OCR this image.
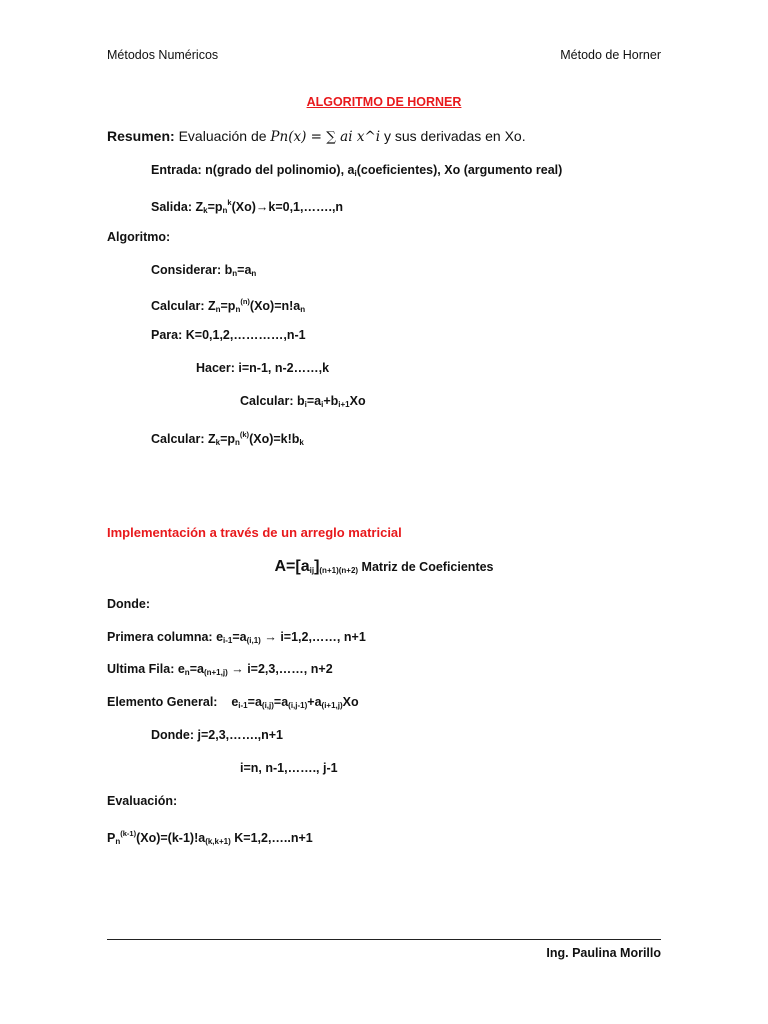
Métodos Numéricos	Método de Horner
ALGORITMO DE HORNER
Resumen: Evaluación de Pn(x) = ∑ ai x^i y sus derivadas en Xo.
Entrada: n(grado del polinomio), ai(coeficientes), Xo (argumento real)
Salida: $Zk=pn^k(Xo)\to k=0,1,\dots\dots.,n$
Algoritmo:
Considerar: bn=an
Calcular: $Zn=pn^{(n)}(Xo)=n!an$
Para: K=0,1,2,…………,n-1
Hacer: i=n-1, n-2……,k
Calcular: bi=ai+bi+1Xo
Calcular: $Zk=pn^{(k)}(Xo)=k!bk$
Implementación a través de un arreglo matricial
A=[aij](n+1)(n+2) Matriz de Coeficientes
Donde:
Primera columna: ei-1=a(i,1) → i=1,2,……, n+1
Ultima Fila: en=a(n+1,j) → i=2,3,……, n+2
Elemento General:    ei-1=a(i,j)=a(i,j-1)+a(i+1,j)Xo
Donde: j=2,3,…….,n+1
i=n, n-1,……., j-1
Evaluación:
$Pn^{(k-1)}(Xo)=(k-1)!a(k,k+1)$ K=1,2,…..n+1
Ing. Paulina Morillo
